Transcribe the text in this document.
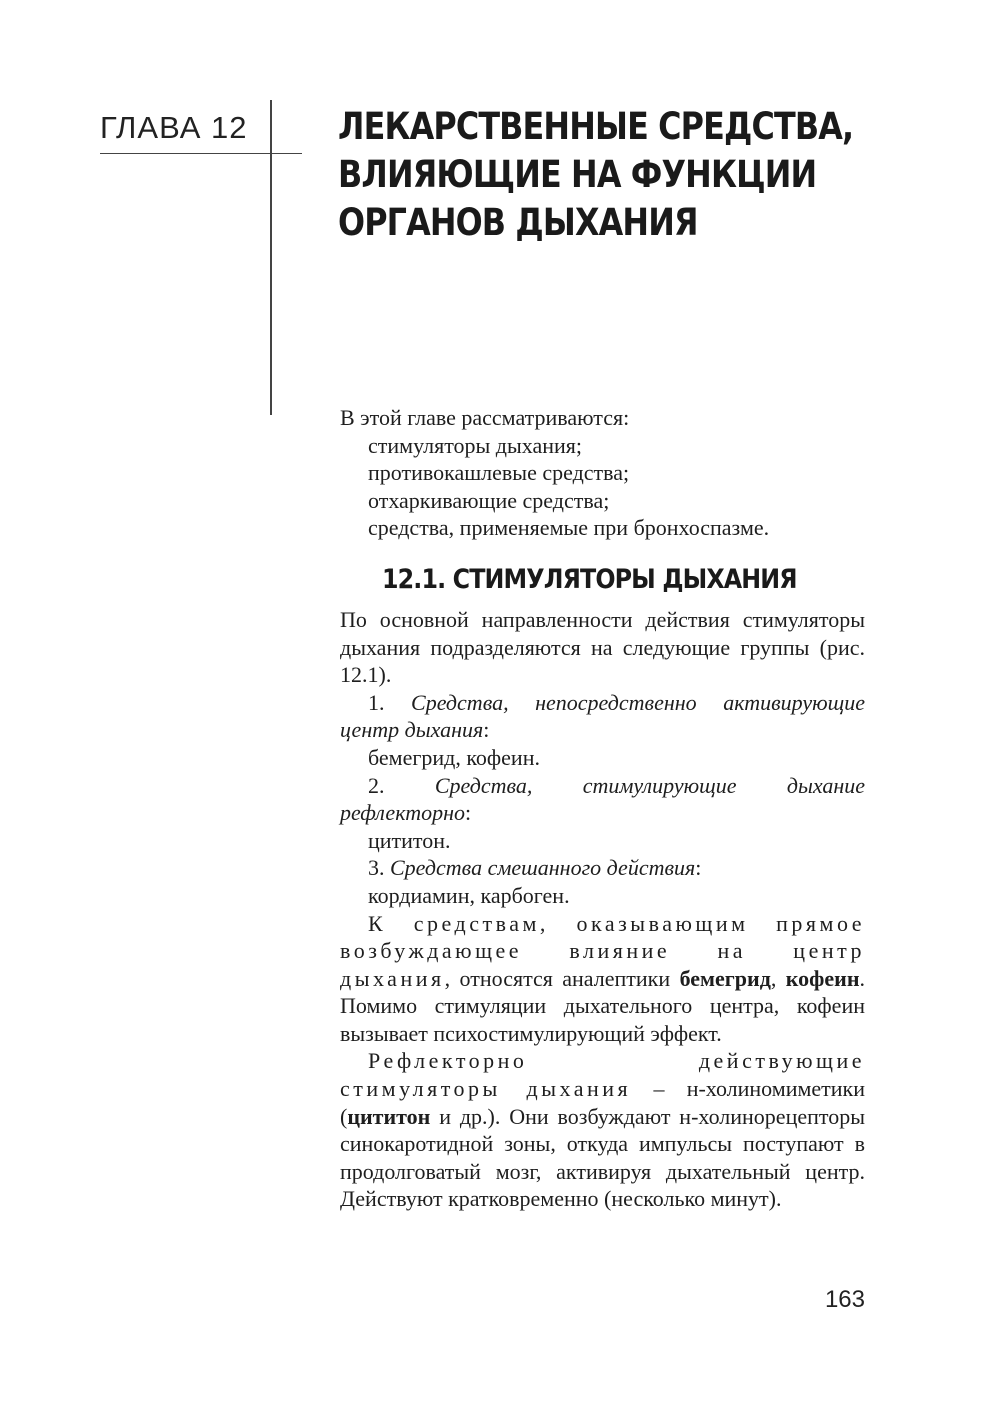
ГЛАВА 12 ЛЕКАРСТВЕННЫЕ СРЕДСТВА,
ВЛИЯЮЩИЕ НА ФУНКЦИИ
ОРГАНОВ ДЫХАНИЯ

В этой главе рассматриваются:

стимуляторы дыхания;

противокашлевые средства;

отхаркивающие средства;

средства, применяемые при бронхоспазме.

12.1. СТИМУЛЯТОРЫ ДЫХАНИЯ

По основной направленности действия стимуляторы дыхания подразделяются на следующие группы (рис. 12.1).

1. Средства, непосредственно активирующие центр дыхания:

бемегрид, кофеин.

2. Средства, стимулирующие дыхание рефлекторно:

цититон.

3. Средства смешанного действия:

кордиамин, карбоген.

К средствам, оказывающим прямое возбуждающее влияние на центр дыхания, относятся аналептики бемегрид, кофеин. Помимо стимуляции дыхательного центра, кофеин вызывает психостимулирующий эффект.

Рефлекторно действующие стимуляторы дыхания – н-холиномиметики (цититон и др.). Они возбуждают н-холинорецепторы синокаротидной зоны, откуда импульсы поступают в продолговатый мозг, активируя дыхательный центр. Действуют кратковременно (несколько минут).

163
